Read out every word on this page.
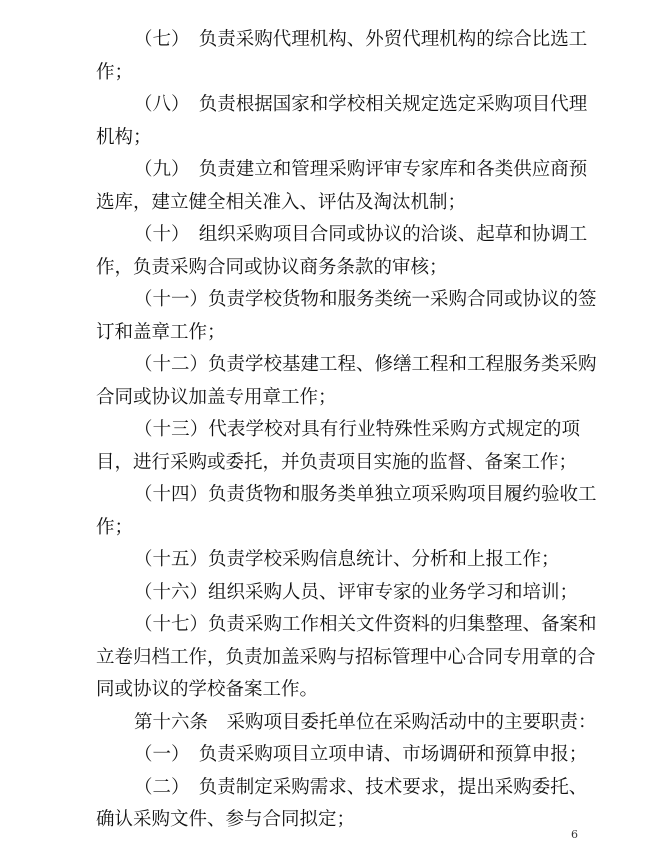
（七）　负责采购代理机构、外贸代理机构的综合比选工
作；
（八）　负责根据国家和学校相关规定选定采购项目代理
机构；
（九）　负责建立和管理采购评审专家库和各类供应商预
选库，建立健全相关准入、评估及淘汰机制；
（十）　组织采购项目合同或协议的洽谈、起草和协调工
作，负责采购合同或协议商务条款的审核；
（十一）负责学校货物和服务类统一采购合同或协议的签
订和盖章工作；
（十二）负责学校基建工程、修缮工程和工程服务类采购
合同或协议加盖专用章工作；
（十三）代表学校对具有行业特殊性采购方式规定的项
目，进行采购或委托，并负责项目实施的监督、备案工作；
（十四）负责货物和服务类单独立项采购项目履约验收工
作；
（十五）负责学校采购信息统计、分析和上报工作；
（十六）组织采购人员、评审专家的业务学习和培训；
（十七）负责采购工作相关文件资料的归集整理、备案和
立卷归档工作，负责加盖采购与招标管理中心合同专用章的合
同或协议的学校备案工作。
第十六条　采购项目委托单位在采购活动中的主要职责：
（一）　负责采购项目立项申请、市场调研和预算申报；
（二）　负责制定采购需求、技术要求，提出采购委托、
确认采购文件、参与合同拟定；
6
